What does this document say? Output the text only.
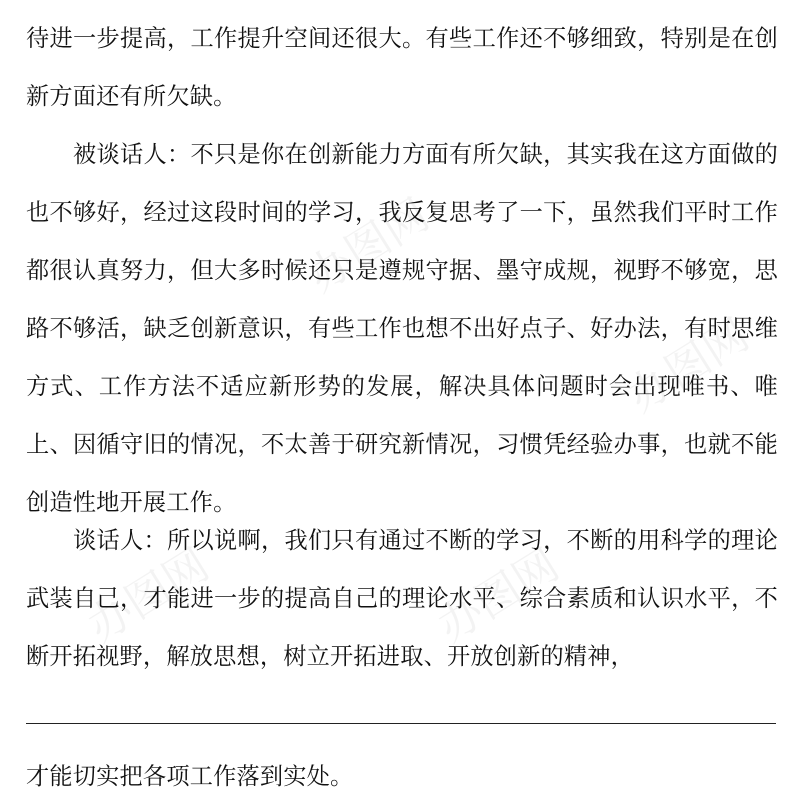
办图网
办图网	办图网
办图网

待进一步提高，工作提升空间还很大。有些工作还不够细致，特别是在创新方面还有所欠缺。

被谈话人：不只是你在创新能力方面有所欠缺，其实我在这方面做的也不够好，经过这段时间的学习，我反复思考了一下，虽然我们平时工作都很认真努力，但大多时候还只是遵规守据、墨守成规，视野不够宽，思路不够活，缺乏创新意识，有些工作也想不出好点子、好办法，有时思维方式、工作方法不适应新形势的发展，解决具体问题时会出现唯书、唯上、因循守旧的情况，不太善于研究新情况，习惯凭经验办事，也就不能创造性地开展工作。

谈话人：所以说啊，我们只有通过不断的学习，不断的用科学的理论武装自己，才能进一步的提高自己的理论水平、综合素质和认识水平，不断开拓视野，解放思想，树立开拓进取、开放创新的精神，

才能切实把各项工作落到实处。
